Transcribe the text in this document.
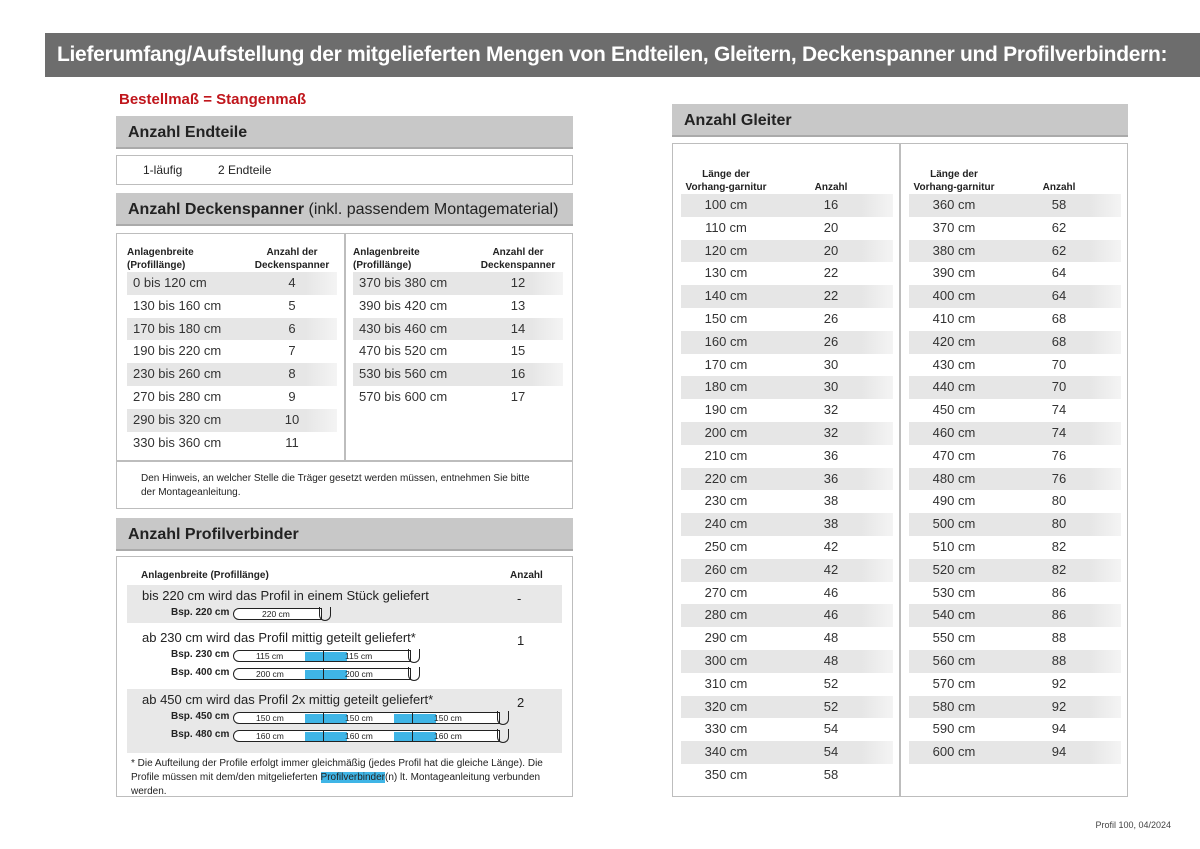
Lieferumfang/Aufstellung der mitgelieferten Mengen von Endteilen, Gleitern, Deckenspanner und Profilverbindern:
Bestellmaß = Stangenmaß
Anzahl Endteile
1-läufig	2 Endteile
Anzahl Deckenspanner (inkl. passendem Montagematerial)
Anlagenbreite (Profillänge)
Anzahl der Deckenspanner
0 bis 120 cm	4
130 bis 160 cm	5
170 bis 180 cm	6
190 bis 220 cm	7
230 bis 260 cm	8
270 bis 280 cm	9
290 bis 320 cm	10
330 bis 360 cm	11
Anlagenbreite (Profillänge)
Anzahl der Deckenspanner
370 bis 380 cm	12
390 bis 420 cm	13
430 bis 460 cm	14
470 bis 520 cm	15
530 bis 560 cm	16
570 bis 600 cm	17
Den Hinweis, an welcher Stelle die Träger gesetzt werden müssen, entnehmen Sie bitte der Montageanleitung.
Anzahl Profilverbinder
Anlagenbreite (Profillänge)	Anzahl
bis 220 cm wird das Profil in einem Stück geliefert	-
Bsp. 220 cm	220 cm
ab 230 cm wird das Profil mittig geteilt geliefert*	1
Bsp. 230 cm	115 cm	115 cm
Bsp. 400 cm	200 cm	200 cm
ab 450 cm wird das Profil 2x mittig geteilt geliefert*	2
Bsp. 450 cm	150 cm	150 cm	150 cm
Bsp. 480 cm	160 cm	160 cm	160 cm
* Die Aufteilung der Profile erfolgt immer gleichmäßig (jedes Profil hat die gleiche Länge). Die Profile müssen mit dem/den mitgelieferten Profilverbinder(n) lt. Montageanleitung verbunden werden.
Anzahl Gleiter
Länge der Vorhang-garnitur	Anzahl
100 cm	16
110 cm	20
120 cm	20
130 cm	22
140 cm	22
150 cm	26
160 cm	26
170 cm	30
180 cm	30
190 cm	32
200 cm	32
210 cm	36
220 cm	36
230 cm	38
240 cm	38
250 cm	42
260 cm	42
270 cm	46
280 cm	46
290 cm	48
300 cm	48
310 cm	52
320 cm	52
330 cm	54
340 cm	54
350 cm	58
Länge der Vorhang-garnitur	Anzahl
360 cm	58
370 cm	62
380 cm	62
390 cm	64
400 cm	64
410 cm	68
420 cm	68
430 cm	70
440 cm	70
450 cm	74
460 cm	74
470 cm	76
480 cm	76
490 cm	80
500 cm	80
510 cm	82
520 cm	82
530 cm	86
540 cm	86
550 cm	88
560 cm	88
570 cm	92
580 cm	92
590 cm	94
600 cm	94
Profil 100, 04/2024
